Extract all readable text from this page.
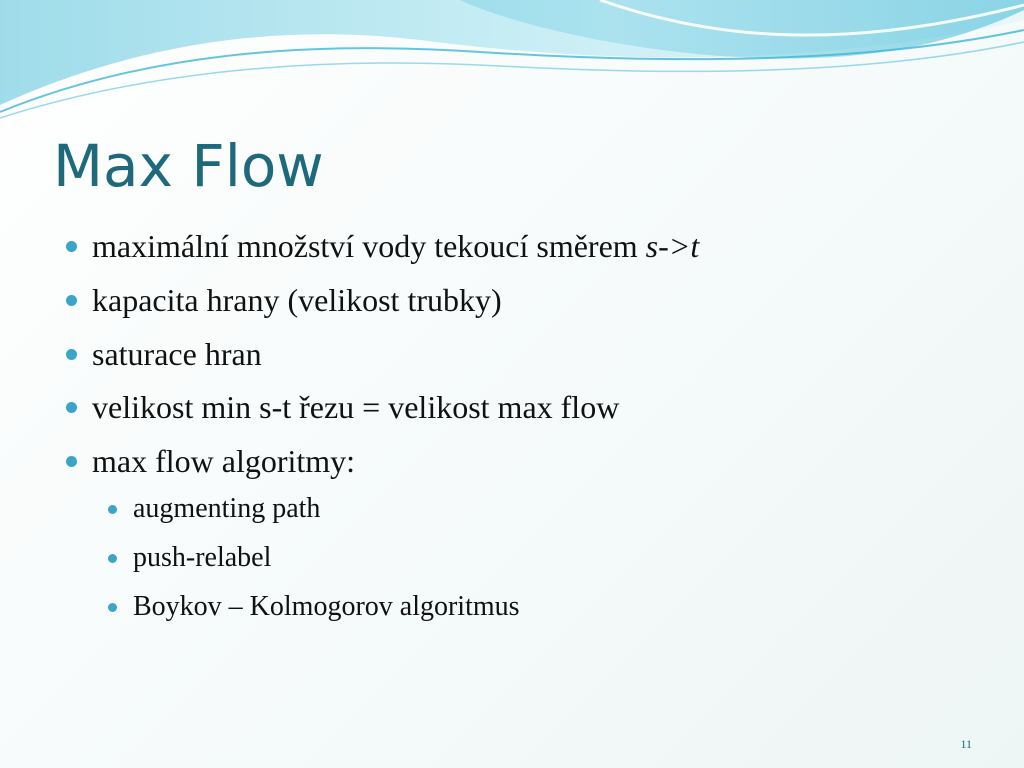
Max Flow
maximální množství vody tekoucí směrem s->t
kapacita hrany (velikost trubky)
saturace hran
velikost min s-t řezu = velikost max flow
max flow algoritmy:
augmenting path
push-relabel
Boykov – Kolmogorov algoritmus
11
